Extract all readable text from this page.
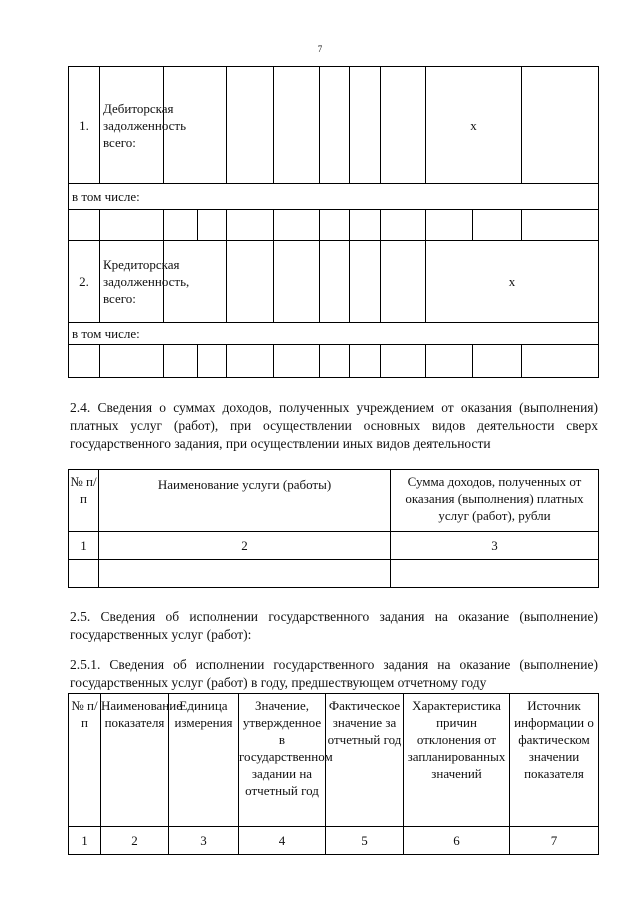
7
1.	Дебиторская задолженность всего:								x		
в том числе:											

2.	Кредиторская задолженность, всего:								x		
в том числе:											

2.4. Сведения о суммах доходов, полученных учреждением от оказания (выполнения) платных услуг (работ), при осуществлении основных видов деятельности сверх государственного задания, при осуществлении иных видов деятельности
№ п/п	Наименование услуги (работы)	Сумма доходов, полученных от оказания (выполнения) платных услуг (работ), рубли
1	2	3

2.5. Сведения об исполнении государственного задания на оказание (выполнение) государственных услуг (работ):
2.5.1. Сведения об исполнении государственного задания на оказание (выполнение) государственных услуг (работ) в году, предшествующем отчетному году
№ п/п	Наименование показателя	Единица измерения	Значение, утвержденное в государственном задании на отчетный год	Фактическое значение за отчетный год	Характеристика причин отклонения от запланированных значений	Источник информации о фактическом значении показателя
1	2	3	4	5	6	7
